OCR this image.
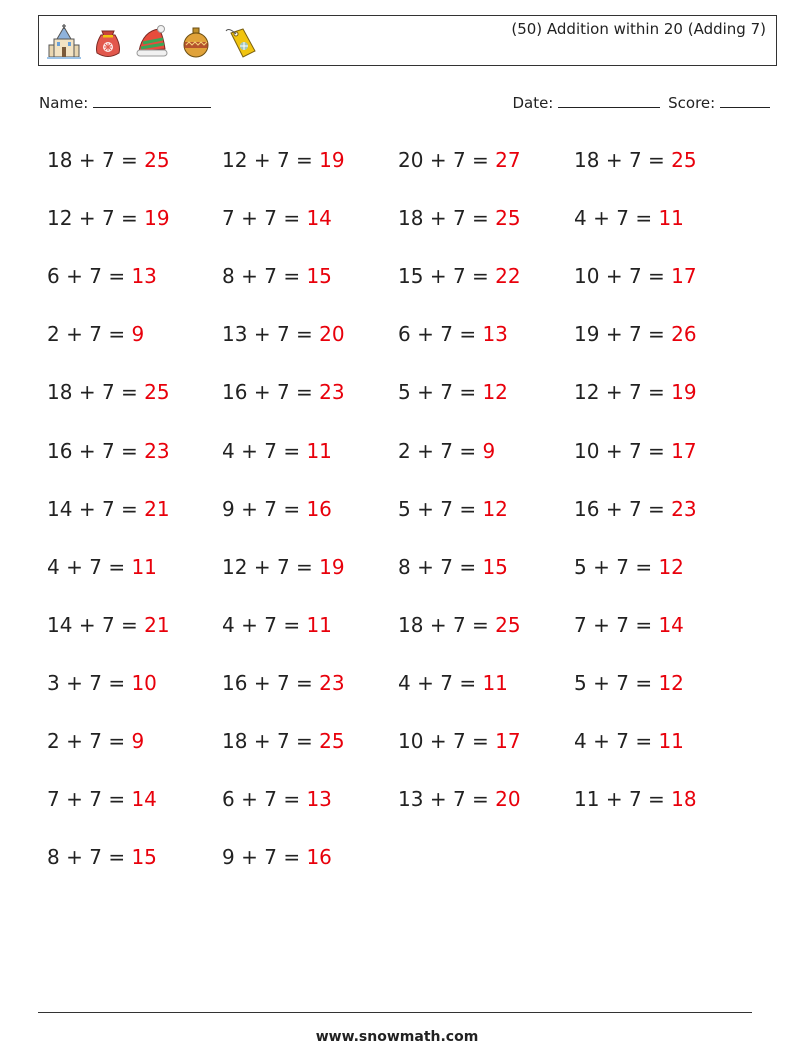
(50) Addition within 20 (Adding 7)
Name:	Date:	Score:
18 + 7 = 25	12 + 7 = 19	20 + 7 = 27	18 + 7 = 25
12 + 7 = 19	7 + 7 = 14	18 + 7 = 25	4 + 7 = 11
6 + 7 = 13	8 + 7 = 15	15 + 7 = 22	10 + 7 = 17
2 + 7 = 9	13 + 7 = 20	6 + 7 = 13	19 + 7 = 26
18 + 7 = 25	16 + 7 = 23	5 + 7 = 12	12 + 7 = 19
16 + 7 = 23	4 + 7 = 11	2 + 7 = 9	10 + 7 = 17
14 + 7 = 21	9 + 7 = 16	5 + 7 = 12	16 + 7 = 23
4 + 7 = 11	12 + 7 = 19	8 + 7 = 15	5 + 7 = 12
14 + 7 = 21	4 + 7 = 11	18 + 7 = 25	7 + 7 = 14
3 + 7 = 10	16 + 7 = 23	4 + 7 = 11	5 + 7 = 12
2 + 7 = 9	18 + 7 = 25	10 + 7 = 17	4 + 7 = 11
7 + 7 = 14	6 + 7 = 13	13 + 7 = 20	11 + 7 = 18
8 + 7 = 15	9 + 7 = 16
www.snowmath.com
